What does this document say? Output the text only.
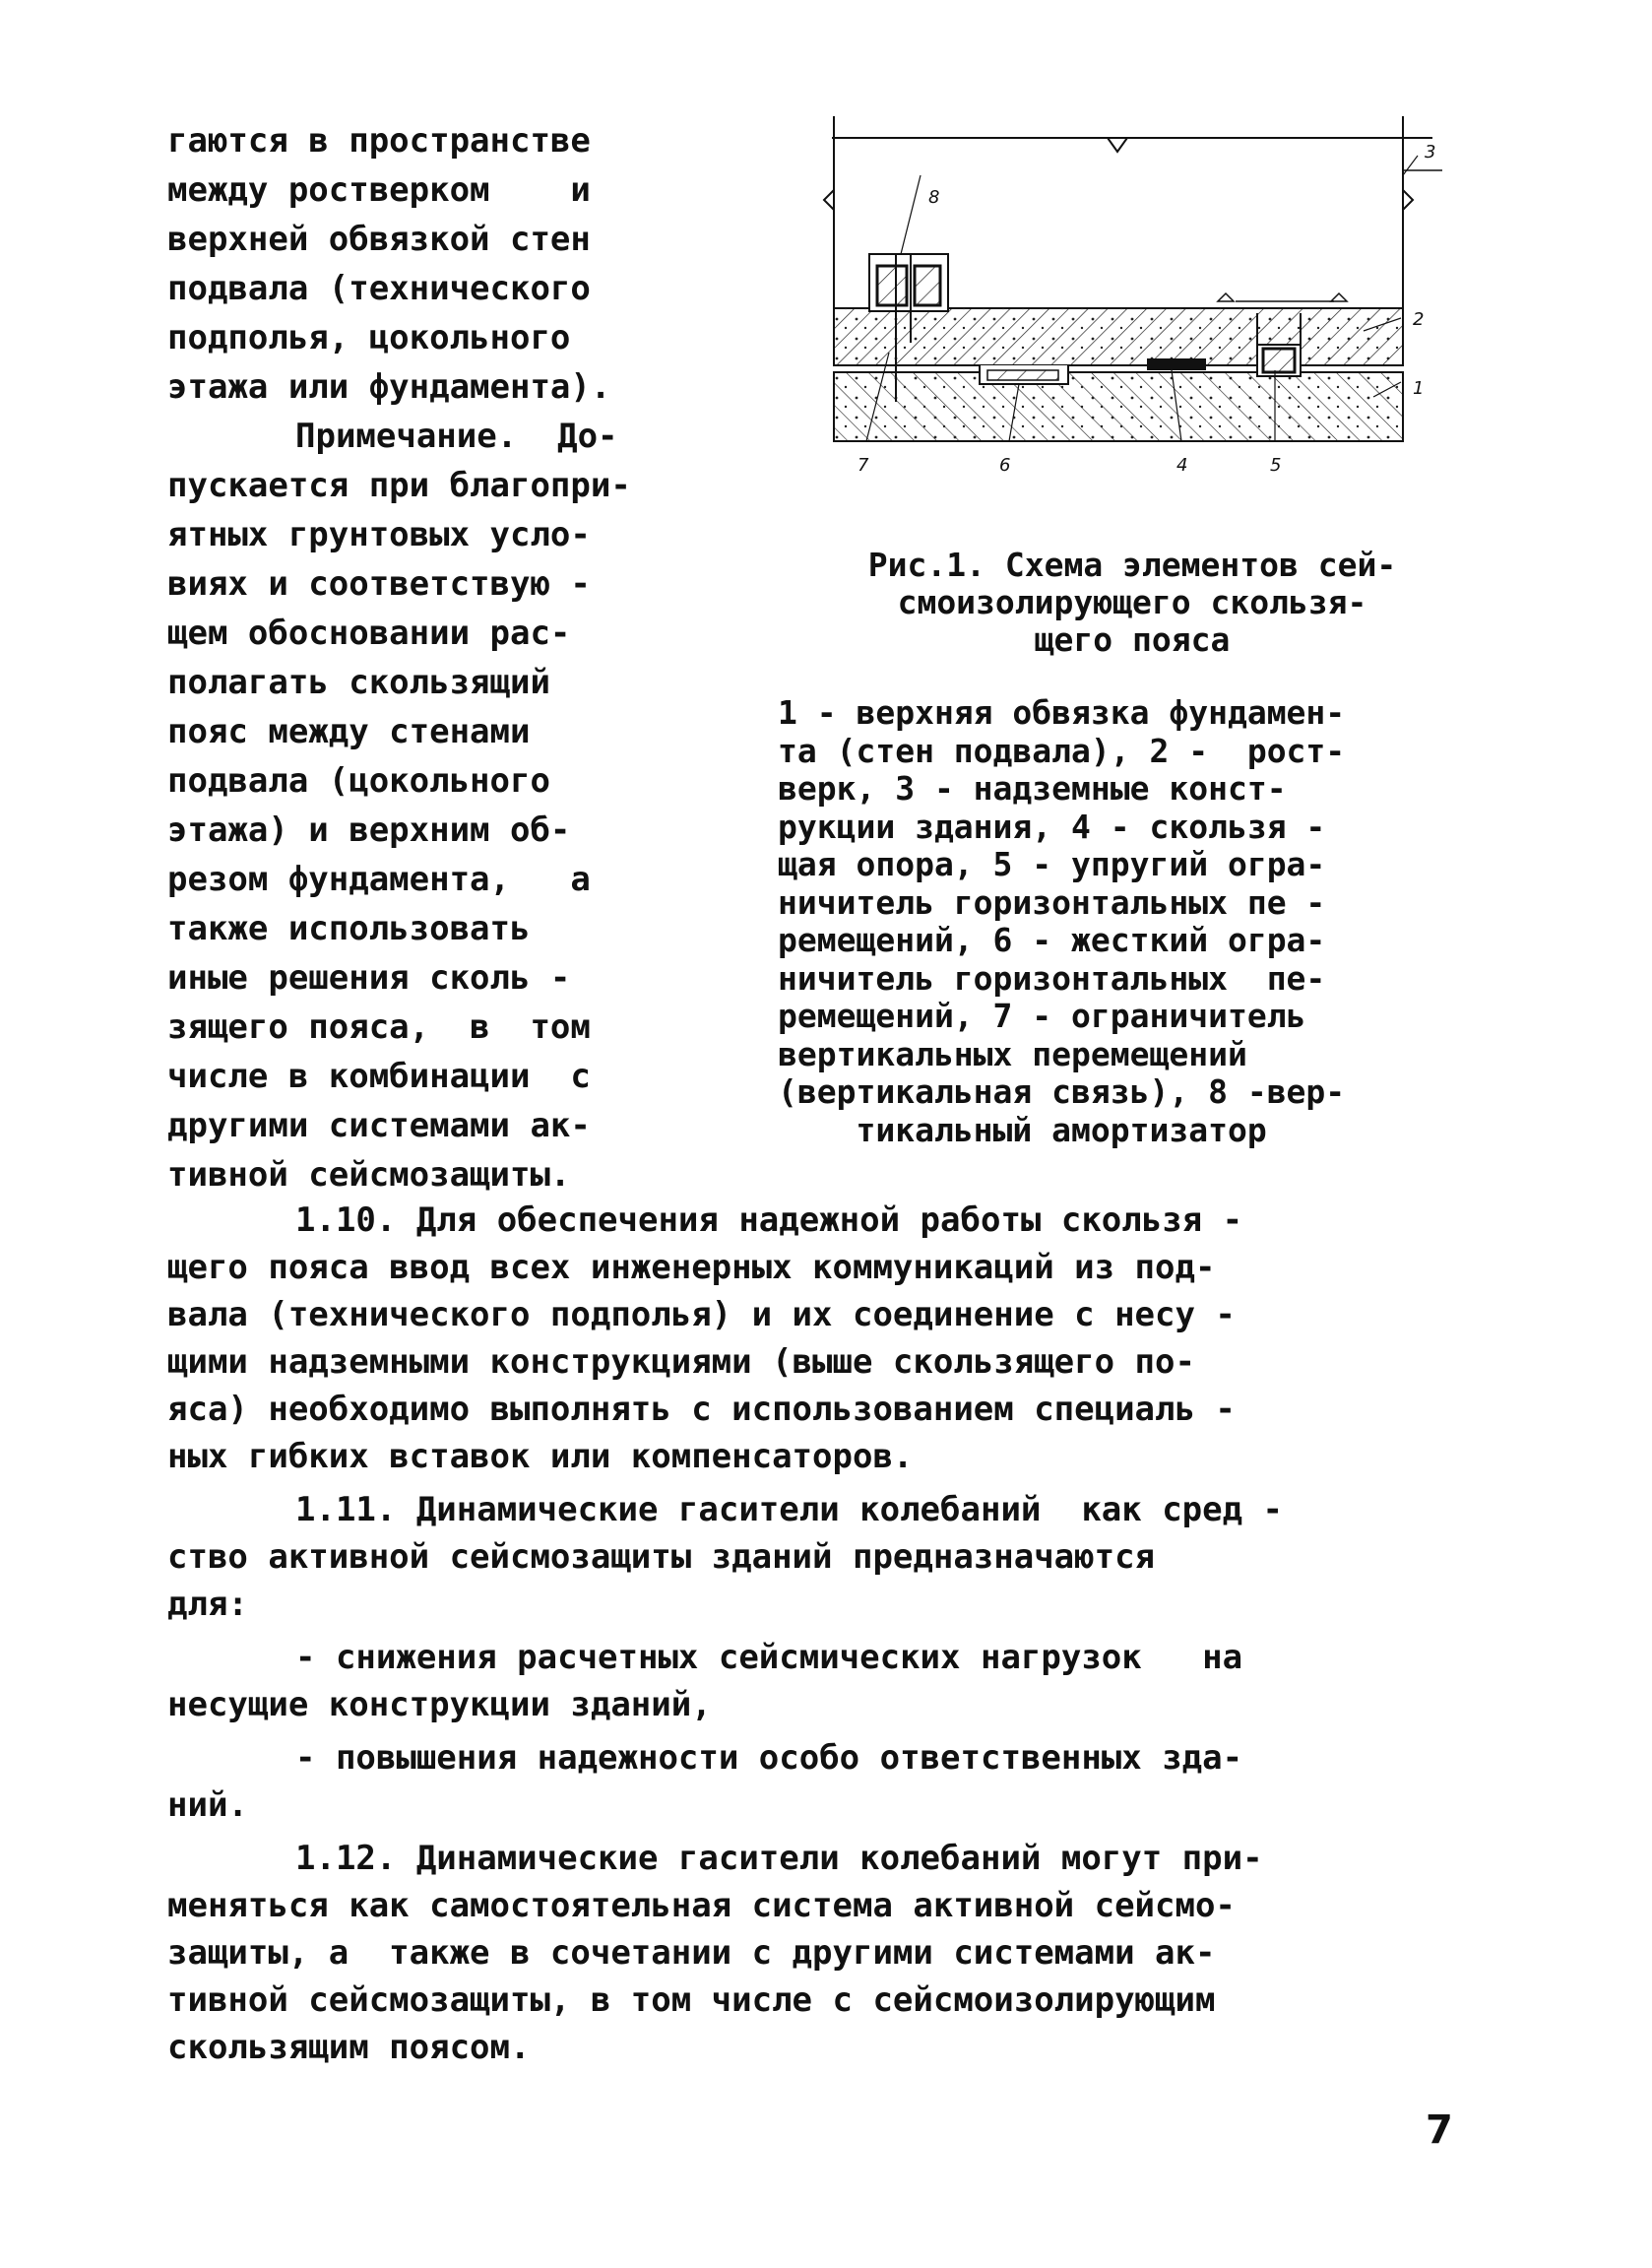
гаются в пространстве
между ростверком    и
верхней обвязкой стен
подвала (технического
подполья, цокольного
этажа или фундамента).
Примечание.  До-
пускается при благопри-
ятных грунтовых усло-
виях и соответствую -
щем обосновании рас-
полагать скользящий
пояс между стенами
подвала (цокольного
этажа) и верхним об-
резом фундамента,   а
также использовать
иные решения сколь -
зящего пояса,  в  том
числе в комбинации  с
другими системами ак-
тивной сейсмозащиты.
8
3
2
1
7	6	4	5
Рис.1. Схема элементов сей-
смоизолирующего скользя-
щего пояса
1 - верхняя обвязка фундамен-
та (стен подвала), 2 -  рост-
верк, 3 - надземные конст-
рукции здания, 4 - скользя -
щая опора, 5 - упругий огра-
ничитель горизонтальных пе -
ремещений, 6 - жесткий огра-
ничитель горизонтальных  пе-
ремещений, 7 - ограничитель
вертикальных перемещений
(вертикальная связь), 8 -вер-
тикальный амортизатор

1.10. Для обеспечения надежной работы скользя -
щего пояса ввод всех инженерных коммуникаций из под-
вала (технического подполья) и их соединение с несу -
щими надземными конструкциями (выше скользящего по-
яса) необходимо выполнять с использованием специаль -
ных гибких вставок или компенсаторов.

1.11. Динамические гасители колебаний  как сред -
ство активной сейсмозащиты зданий предназначаются
для:

- снижения расчетных сейсмических нагрузок   на
несущие конструкции зданий,

- повышения надежности особо ответственных зда-
ний.

1.12. Динамические гасители колебаний могут при-
меняться как самостоятельная система активной сейсмо-
защиты, а  также в сочетании с другими системами ак-
тивной сейсмозащиты, в том числе с сейсмоизолирующим
скользящим поясом.

7
